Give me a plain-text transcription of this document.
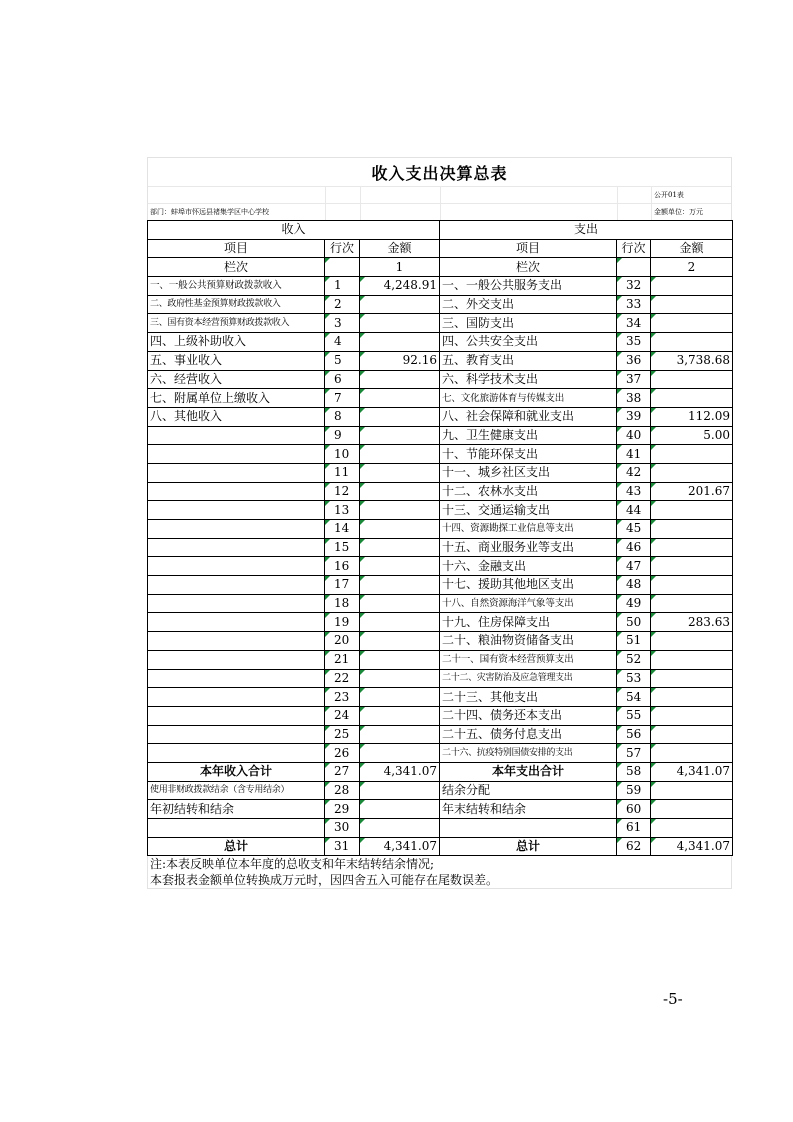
收入支出决算总表
公开01表
部门：蚌埠市怀远县褚集学区中心学校	金额单位：万元
收入			支出		
项目	行次	金额	项目	行次	金额
栏次		1	栏次		2
一、一般公共预算财政拨款收入	1	4,248.91	一、一般公共服务支出	32	
二、政府性基金预算财政拨款收入	2		二、外交支出	33	
三、国有资本经营预算财政拨款收入	3		三、国防支出	34	
四、上级补助收入	4		四、公共安全支出	35	
五、事业收入	5	92.16	五、教育支出	36	3,738.68
六、经营收入	6		六、科学技术支出	37	
七、附属单位上缴收入	7		七、文化旅游体育与传媒支出	38	
八、其他收入	8		八、社会保障和就业支出	39	112.09
	9		九、卫生健康支出	40	5.00
	10		十、节能环保支出	41	
	11		十一、城乡社区支出	42	
	12		十二、农林水支出	43	201.67
	13		十三、交通运输支出	44	
	14		十四、资源勘探工业信息等支出	45	
	15		十五、商业服务业等支出	46	
	16		十六、金融支出	47	
	17		十七、援助其他地区支出	48	
	18		十八、自然资源海洋气象等支出	49	
	19		十九、住房保障支出	50	283.63
	20		二十、粮油物资储备支出	51	
	21		二十一、国有资本经营预算支出	52	
	22		二十二、灾害防治及应急管理支出	53	
	23		二十三、其他支出	54	
	24		二十四、债务还本支出	55	
	25		二十五、债务付息支出	56	
	26		二十六、抗疫特别国债安排的支出	57	
本年收入合计	27	4,341.07	本年支出合计	58	4,341.07
使用非财政拨款结余（含专用结余）	28		结余分配	59	
年初结转和结余	29		年末结转和结余	60	
	30			61	
总计	31	4,341.07	总计	62	4,341.07
注:本表反映单位本年度的总收支和年末结转结余情况;
本套报表金额单位转换成万元时，因四舍五入可能存在尾数误差。
-5-
